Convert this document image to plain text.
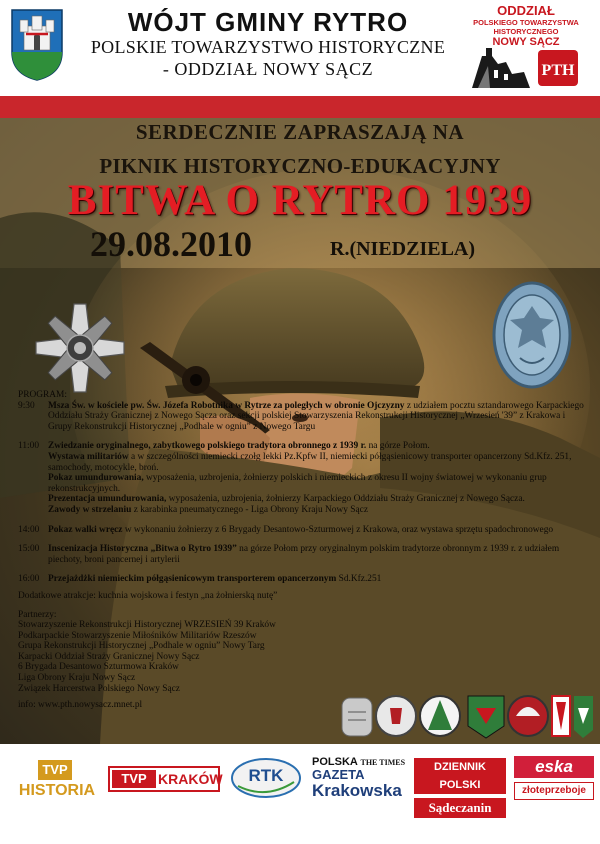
WÓJT GMINY RYTRO
POLSKIE TOWARZYSTWO HISTORYCZNE
- ODDZIAŁ NOWY SĄCZ
ODDZIAŁ
POLSKIEGO TOWARZYSTWA HISTORYCZNEGO
NOWY SĄCZ
PTH
SERDECZNIE ZAPRASZAJĄ NA
PIKNIK HISTORYCZNO-EDUKACYJNY
BITWA O RYTRO 1939
29.08.2010	R.(NIEDZIELA)
PROGRAM:
9:30 Msza Św. w kościele pw. Św. Józefa Robotnika w Rytrze za poległych w obronie Ojczyzny z udziałem pocztu sztandarowego Karpackiego Oddziału Straży Granicznej z Nowego Sącza oraz sekcji polskiej Stowarzyszenia Rekonstrukcji Historycznej „Wrzesień '39” z Krakowa i Grupy Rekonstrukcji Historycznej „Podhale w ogniu” z Nowego Targu
11:00 Zwiedzanie oryginalnego, zabytkowego polskiego tradytora obronnego z 1939 r. na górze Połom.
Wystawa militariów a w szczególności niemiecki czołg lekki Pz.Kpfw II, niemiecki półgąsienicowy transporter opancerzony Sd.Kfz. 251, samochody, motocykle, broń.
Pokaz umundurowania, wyposażenia, uzbrojenia, żołnierzy polskich i niemieckich z okresu II wojny światowej w wykonaniu grup rekonstrukcyjnych.
Prezentacja umundurowania, wyposażenia, uzbrojenia, żołnierzy Karpackiego Oddziału Straży Granicznej z Nowego Sącza.
Zawody w strzelaniu z karabinka pneumatycznego - Liga Obrony Kraju Nowy Sącz
14:00 Pokaz walki wręcz w wykonaniu żołnierzy z 6 Brygady Desantowo-Szturmowej z Krakowa, oraz wystawa sprzętu spadochronowego
15:00 Inscenizacja Historyczna „Bitwa o Rytro 1939” na górze Połom przy oryginalnym polskim tradytorze obronnym z 1939 r. z udziałem piechoty, broni pancernej i artylerii
16:00 Przejażdżki niemieckim półgąsienicowym transporterem opancerzonym Sd.Kfz.251
Dodatkowe atrakcje: kuchnia wojskowa i festyn „na żołnierską nutę”
Partnerzy:
Stowarzyszenie Rekonstrukcji Historycznej WRZESIEŃ 39 Kraków
Podkarpackie Stowarzyszenie Miłośników Militariów Rzeszów
Grupa Rekonstrukcji Historycznej „Podhale w ogniu” Nowy Targ
Karpacki Oddział Straży Granicznej Nowy Sącz
6 Brygada Desantowo Szturmowa Kraków
Liga Obrony Kraju Nowy Sącz
Związek Harcerstwa Polskiego Nowy Sącz
info: www.pth.nowysacz.mnet.pl
TVP
HISTORIA
TVP KRAKÓW	RTK
POLSKA THE TIMES
GAZETA
Krakowska
DZIENNIK POLSKI
Sądeczanin
eska
złoteprzeboje
